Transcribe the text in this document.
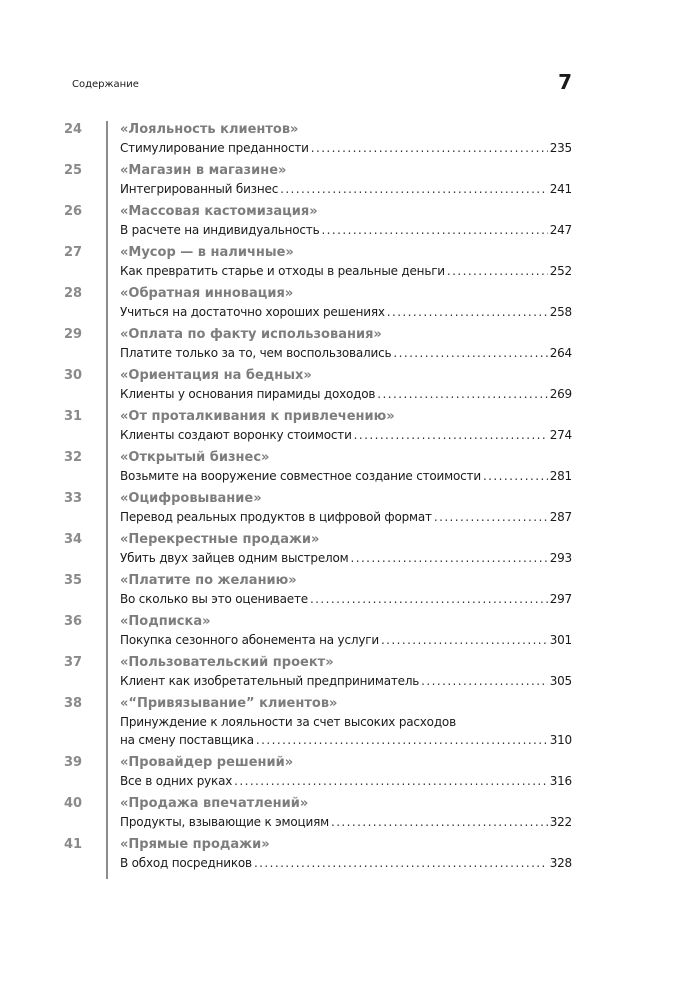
Содержание	7
24	«Лояльность клиентов»
Стимулирование преданности . . .	235
25	«Магазин в магазине»
Интегрированный бизнес . . .	241
26	«Массовая кастомизация»
В расчете на индивидуальность . . .	247
27	«Мусор — в наличные»
Как превратить старье и отходы в реальные деньги . . .	252
28	«Обратная инновация»
Учиться на достаточно хороших решениях . . .	258
29	«Оплата по факту использования»
Платите только за то, чем воспользовались . . .	264
30	«Ориентация на бедных»
Клиенты у основания пирамиды доходов . . .	269
31	«От проталкивания к привлечению»
Клиенты создают воронку стоимости . . .	274
32	«Открытый бизнес»
Возьмите на вооружение совместное создание стоимости . . .	281
33	«Оцифровывание»
Перевод реальных продуктов в цифровой формат . . .	287
34	«Перекрестные продажи»
Убить двух зайцев одним выстрелом . . .	293
35	«Платите по желанию»
Во сколько вы это оцениваете . . .	297
36	«Подписка»
Покупка сезонного абонемента на услуги . . .	301
37	«Пользовательский проект»
Клиент как изобретательный предприниматель . . .	305
38	«“Привязывание” клиентов»
Принуждение к лояльности за счет высоких расходов
на смену поставщика . . .	310
39	«Провайдер решений»
Все в одних руках . . .	316
40	«Продажа впечатлений»
Продукты, взывающие к эмоциям . . .	322
41	«Прямые продажи»
В обход посредников . . .	328
